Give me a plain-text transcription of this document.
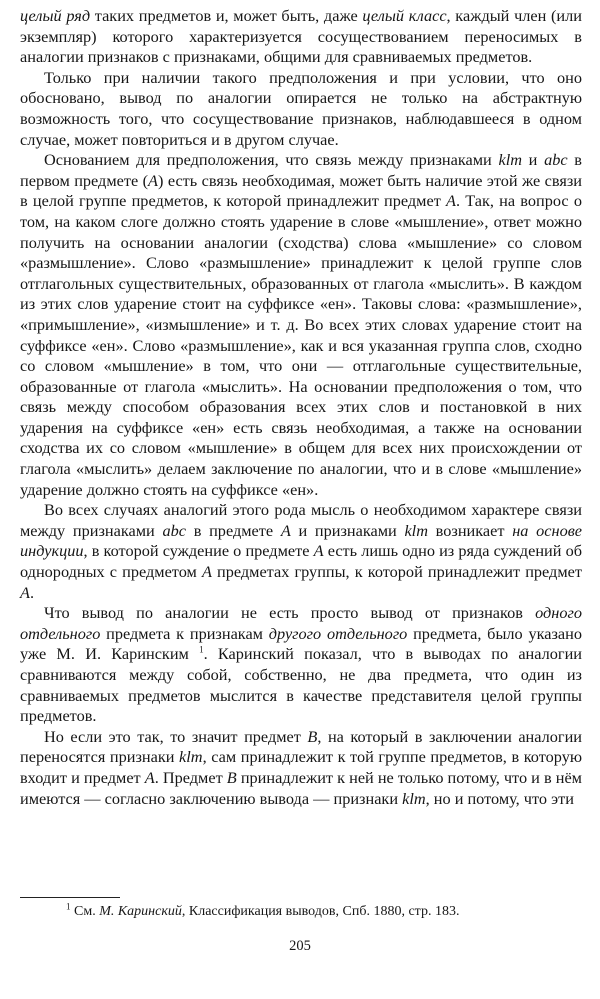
целый ряд таких предметов и, может быть, даже целый класс, каждый член (или экземпляр) которого характеризуется сосуществованием переносимых в аналогии признаков с признаками, общими для сравниваемых предметов.

Только при наличии такого предположения и при условии, что оно обосновано, вывод по аналогии опирается не только на абстрактную возможность того, что сосуществование признаков, наблюдавшееся в одном случае, может повториться и в другом случае.

Основанием для предположения, что связь между признаками klm и abc в первом предмете (A) есть связь необходимая, может быть наличие этой же связи в целой группе предметов, к которой принадлежит предмет A. Так, на вопрос о том, на каком слоге должно стоять ударение в слове «мышление», ответ можно получить на основании аналогии (сходства) слова «мышление» со словом «размышление». Слово «размышление» принадлежит к целой группе слов отглагольных существительных, образованных от глагола «мыслить». В каждом из этих слов ударение стоит на суффиксе «ен». Таковы слова: «размышление», «примышление», «измышление» и т. д. Во всех этих словах ударение стоит на суффиксе «ен». Слово «размышление», как и вся указанная группа слов, сходно со словом «мышление» в том, что они — отглагольные существительные, образованные от глагола «мыслить». На основании предположения о том, что связь между способом образования всех этих слов и постановкой в них ударения на суффиксе «ен» есть связь необходимая, а также на основании сходства их со словом «мышление» в общем для всех них происхождении от глагола «мыслить» делаем заключение по аналогии, что и в слове «мышление» ударение должно стоять на суффиксе «ен».

Во всех случаях аналогий этого рода мысль о необходимом характере связи между признаками abc в предмете A и признаками klm возникает на основе индукции, в которой суждение о предмете A есть лишь одно из ряда суждений об однородных с предметом A предметах группы, к которой принадлежит предмет A.

Что вывод по аналогии не есть просто вывод от признаков одного отдельного предмета к признакам другого отдельного предмета, было указано уже М. И. Каринским $^1$. Каринский показал, что в выводах по аналогии сравниваются между собой, собственно, не два предмета, что один из сравниваемых предметов мыслится в качестве представителя целой группы предметов.

Но если это так, то значит предмет B, на который в заключении аналогии переносятся признаки klm, сам принадлежит к той группе предметов, в которую входит и предмет A. Предмет B принадлежит к ней не только потому, что и в нём имеются — согласно заключению вывода — признаки klm, но и потому, что эти

$^1$ См. М. Каринский, Классификация выводов, Спб. 1880, стр. 183.

205
